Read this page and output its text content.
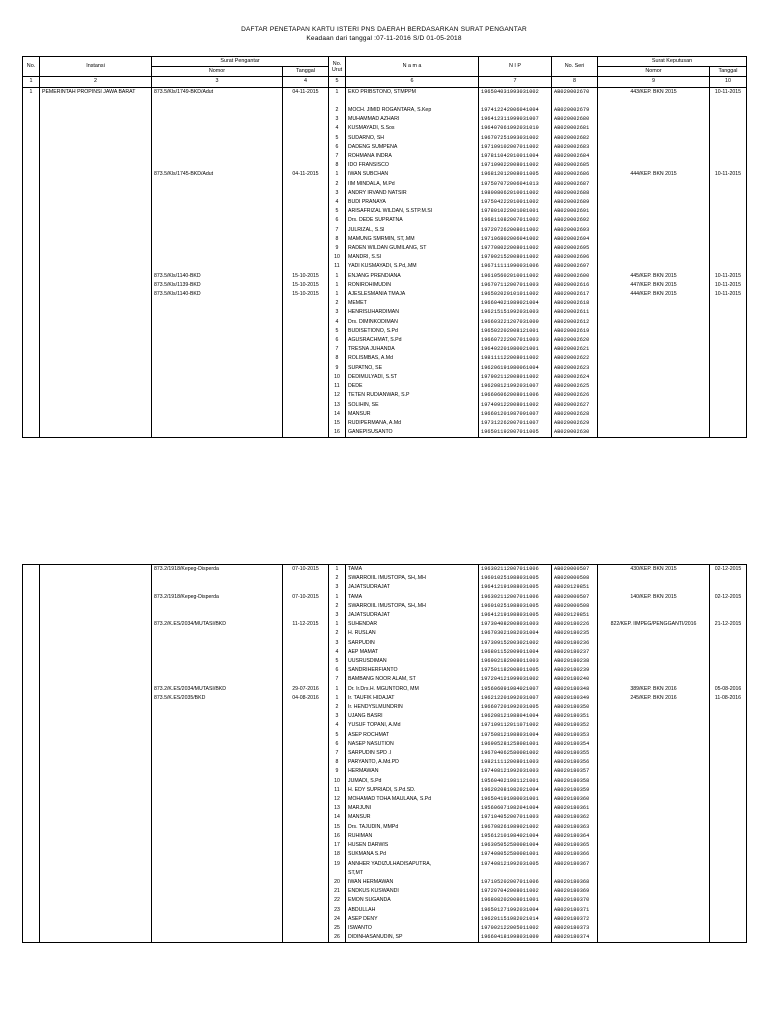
DAFTAR PENETAPAN KARTU ISTERI PNS DAERAH BERDASARKAN SURAT PENGANTAR
Keadaan dari tanggal :07-11-2016 S/D 01-05-2018
No.	Instansi	Surat Pengantar		No. Urut	N a m a	N I P	No. Seri	Surat Keputusan	
		Nomor	Tanggal					Nomor	Tanggal
1	2	3	4	5	6	7	8	9	10
1	PEMERINTAH PROPINSI JAWA BARAT	873.5/Kls/1749-BKD/Adut	04-11-2015	1	EKO PRIBSTONO, STMPPM	196504031993031002	AB020002670	443/KEP. BKN 2015	10-11-2015

				2	MOCH. JIMID ROGANTARA, S.Kep	197412242006041004	AB020002679		
				3	MUHAMMAD AZHARI	196412311999031007	AB020002680		
				4	KUSMAYADI, S.Sos	196407061992031010	AB020002681		
				5	SUDARNO, SH	196707251993031002	AB020002682		
				6	DADENG SUMPENA	197109102007011002	AB020002683		
				7	ROHMANA INDRA	197811042010011004	AB020002684		
				8	IDO FRANSISCO	197109022008011002	AB020002685		
		873.5/Kls/1745-BKD/Adut	04-11-2015	1	IWAN SUBCHAN	196812012008011005	AB020002686	444/KEP. BKN 2015	10-11-2015
				2	IIM MINDALA, M.Pd	197507072006041013	AB020002687		
				3	ANDRY IRVAND NATSIR	198008062010011002	AB020002688		
				4	BUDI PRANAYA	197504222010011002	AB020002689		
				5	ARISAFRIZAL WILDAN, S.STP.M.SI	197801022001081001	AB020002691		
				6	Drs. DEDE SUPRATNA	196811082007011002	AB020002692		
				7	JULRIZAL, S.Sl	197207262008011002	AB020002693		
				8	MAMUNG SMRMIN, ST,.MM	197106802006041002	AB020002694		
				9	RADEN WILDAN GUMILANG, ST	197708022008011002	AB020002695		
				10	MANDRI, S.SI	197902152008011002	AB020002696		
				11	YADI KUSMAYADI, S.Pd,.MM	196711111990031006	AB020002697		
		873.5/Kls/1140-BKD	15-10-2015	1	ENJANG PRENDIANA	196105602010011002	AB020002600	445/KEP. BKN 2015	10-11-2015
		873.5/Kls/1139-BKD	15-10-2015	1	RONIROHIMUDIN	196707112007011003	AB020002616	447/KEP. BKN 2015	10-11-2015
		873.5/Kls/1140-BKD	15-10-2015	1	AJESLESMANIA TMAJA	196502020101011002	AB020002617	444/KEP. BKN 2015	10-11-2015
				2	MEMET	196604021989021004	AB020002618		
				3	HENRISUHARDIMAN	196215151992031003	AB020002611		
				4	Drs. DIMINKODIMAN	196603221207031000	AB020002612		
				5	BUDISETIONO, S.Pd	196502202008121001	AB020002619		
				6	AGUSRACHMAT, S.Pd	196607222007011003	AB020002620		
				7	TRESNA JUHANDA	196402201980021001	AB020002621		
				8	ROLISMBAS, A.Md	198111122008011002	AB020002622		
				9	SUPATNO, SE	196206191980061004	AB020002623		
				10	DEDIMULYADI, S.ST	197902112008011002	AB020002624		
				11	DEDE	196208121992031007	AB020002625		
				12	TETEN RUDIANWAR, S.P	196606062008011006	AB020002626		
				13	SOLIHIN, SE	197409122008011002	AB020002627		
				14	MANSUR	196601201987091007	AB020002628		
				15	RUDIPERMANA, A.Md	197312262007011007	AB020002629		
				16	GANEPISUSANTO	196501192007011005	AB020002630		
		873.2/1918/Kepeg-Disperda	07-10-2015	1	TAMA	196302112007011006	AB020000507	430/KEP. BKN 2015	02-12-2015
				2	SWARROIIL IMUSTOPA, SH,.MH	196010251988031005	AB020000508		
				3	JAJATSUDRAJAT	196412191988031005	AB020129851		
		873.2/1918/Kepeg-Disperda	07-10-2015	1	TAMA	196302112007011006	AB020000507	140/KEP. BKN 2015	02-12-2015
				2	SWARROIIL IMUSTOPA, SH,.MH	196010251988031005	AB020000508		
				3	JAJATSUDRAJAT	196412191988031005	AB020129851		
		873.2/K.ES/2034/MUTASI/BKD	11-12-2015	1	SUHENDAR	197304082008031003	AB020180226	822/KEP. IIMPEG/PENGGANTI/2016	21-12-2015
				2	H. RUSLAN	196703021982031004	AB020180235		
				3	SARPUDIN	197309152003021002	AB020180236		
				4	AEP MAMAT	196801152009011004	AB020180237		
				5	UUSRUSDIMAN	196902182008011003	AB020180238		
				6	SANDRIHERFIANTO	197501182008011005	AB020180239		
				7	BAMBANG NOOR ALAM, ST	197204121999031002	AB020180240		
		873.2/K.ES/2034/MUTASI/BKD	29-07-2016	1	Dr. Ir.Drs.H. MGUNTORO, MM	195606091984021007	AB020180348	389/KEP. BKN 2016	05-08-2016
		873.5/K.ES/2035/BKD	04-08-2016	1	Ir. TAUFIK HIDAJAT	196212201992031007	AB020180349	245/KEP. BKN 2016	11-08-2016
				2	Ir. HENDYSLMUNDRIN	196607201992031005	AB020180350		
				3	UJANG BASRI	196208121988041004	AB020180351		
				4	YUSUF TOPANI, A.Md	197109112011071002	AB020180352		
				5	ASEP ROCHMAT	197508121988031004	AB020180353		
				6	NASEP NASUTION	196905281258081001	AB020180354		
				7	SARPUDIN SPD .I	196704062580081002	AB020180355		
				8	PARYANTO, A.Md.PD	198211112008011003	AB020180356		
				9	HERMAWAN	197408121992031003	AB020180357		
				10	JUMADI, S.Pd	195604021981121001	AB020180358		
				11	H. EDY SUPRIADI, S.Pd.SD.	196202081982021004	AB020180359		
				12	MOHAMAD TOHA MAULANA, S.Pd	196504191980031001	AB020180360		
				13	MARJUNI	195606071982041004	AB020180361		
				14	MANSUR	197104052007011003	AB020180362		
				15	Drs. TAJUDIN, MMPd	196708261989021002	AB020180363		
				16	RUHIMAN	195612101984021004	AB020180364		
				17	HUSEN DARWIS	196305052580081004	AB020180365		
				18	SUKMANA S.Pd	197408052580081001	AB020180366		
				19	ANNHER YADIZULHADISAPUTRA,	197408121992031005	AB020180367		
					ST,MT				
				20	IWAN HERMAWAN	197105202007011006	AB020180368		
				21	ENDKUS KUSWANDI	197207042008011002	AB020180369		
				22	EMON SUGANDA	196808202008011001	AB020180370		
				23	ABDULLAH	196501271992031004	AB020180371		
				24	ASEP DENY	196201151982021014	AB020180372		
				25	ISWANTO	197002122005011002	AB020180373		
				26	DIDINHASANUDIN, SP	196604181998031009	AB020180374		
